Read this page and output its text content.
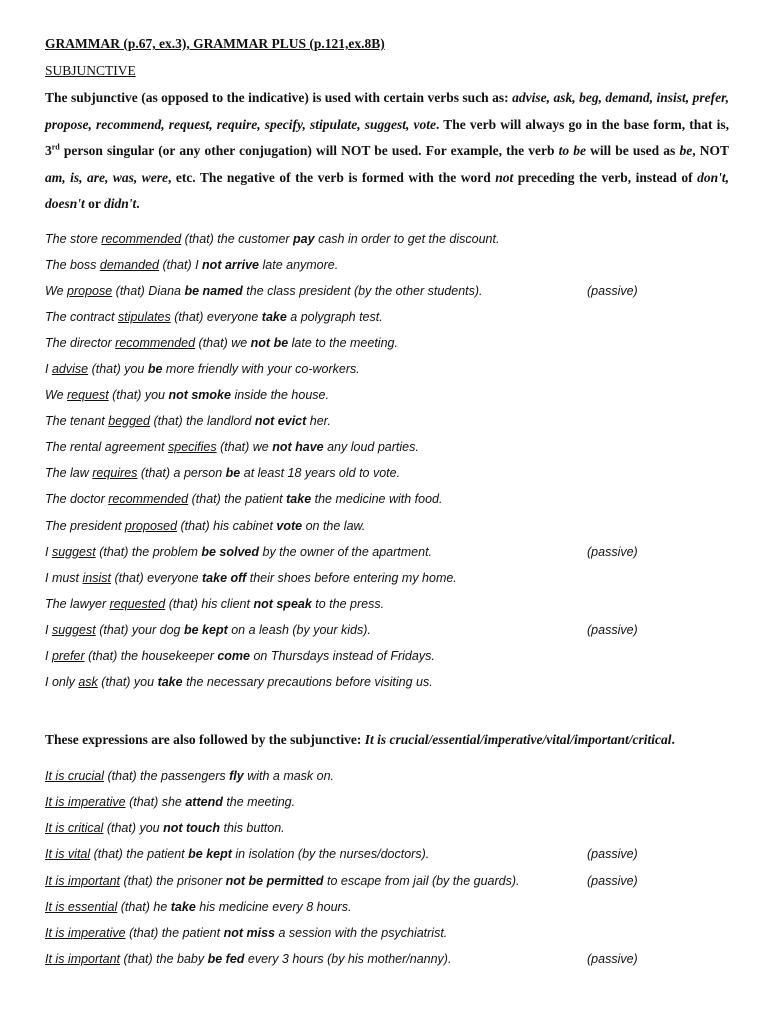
GRAMMAR (p.67, ex.3), GRAMMAR PLUS (p.121,ex.8B)
SUBJUNCTIVE
The subjunctive (as opposed to the indicative) is used with certain verbs such as: advise, ask, beg, demand, insist, prefer, propose, recommend, request, require, specify, stipulate, suggest, vote. The verb will always go in the base form, that is, 3rd person singular (or any other conjugation) will NOT be used. For example, the verb to be will be used as be, NOT am, is, are, was, were, etc. The negative of the verb is formed with the word not preceding the verb, instead of don't, doesn't or didn't.
The store recommended (that) the customer pay cash in order to get the discount.
The boss demanded (that) I not arrive late anymore.
We propose (that) Diana be named the class president (by the other students).	(passive)
The contract stipulates (that) everyone take a polygraph test.
The director recommended (that) we not be late to the meeting.
I advise (that) you be more friendly with your co-workers.
We request (that) you not smoke inside the house.
The tenant begged (that) the landlord not evict her.
The rental agreement specifies (that) we not have any loud parties.
The law requires (that) a person be at least 18 years old to vote.
The doctor recommended (that) the patient take the medicine with food.
The president proposed (that) his cabinet vote on the law.
I suggest (that) the problem be solved by the owner of the apartment.	(passive)
I must insist (that) everyone take off their shoes before entering my home.
The lawyer requested (that) his client not speak to the press.
I suggest (that) your dog be kept on a leash (by your kids).	(passive)
I prefer (that) the housekeeper come on Thursdays instead of Fridays.
I only ask (that) you take the necessary precautions before visiting us.
These expressions are also followed by the subjunctive: It is crucial/essential/imperative/vital/important/critical.
It is crucial (that) the passengers fly with a mask on.
It is imperative (that) she attend the meeting.
It is critical (that) you not touch this button.
It is vital (that) the patient be kept in isolation (by the nurses/doctors).	(passive)
It is important (that) the prisoner not be permitted to escape from jail (by the guards).	(passive)
It is essential (that) he take his medicine every 8 hours.
It is imperative (that) the patient not miss a session with the psychiatrist.
It is important (that) the baby be fed every 3 hours (by his mother/nanny).	(passive)
